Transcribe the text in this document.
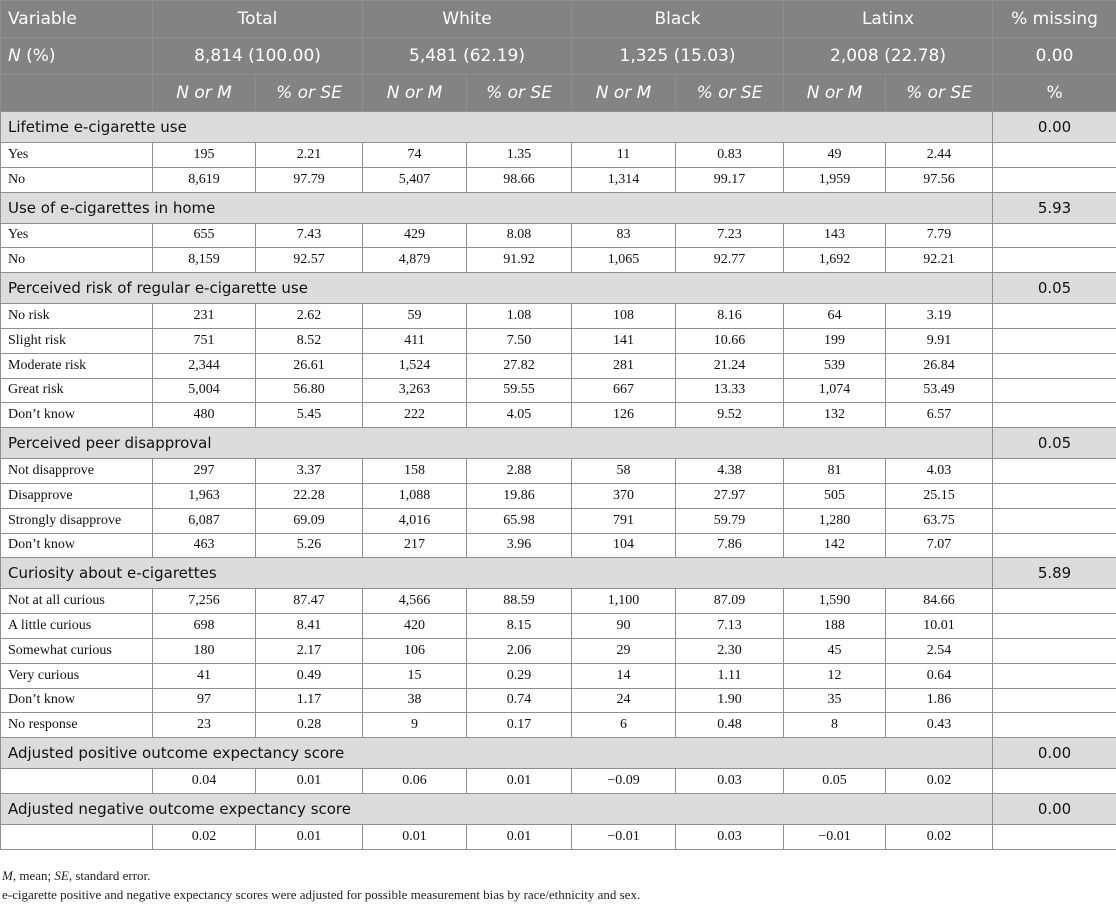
Variable	Total		White		Black		Latinx		% missing
N (%)	8,814 (100.00)		5,481 (62.19)		1,325 (15.03)		2,008 (22.78)		0.00
	N or M	% or SE	N or M	% or SE	N or M	% or SE	N or M	% or SE	%
Lifetime e-cigarette use									0.00
Yes	195	2.21	74	1.35	11	0.83	49	2.44	
No	8,619	97.79	5,407	98.66	1,314	99.17	1,959	97.56	
Use of e-cigarettes in home									5.93
Yes	655	7.43	429	8.08	83	7.23	143	7.79	
No	8,159	92.57	4,879	91.92	1,065	92.77	1,692	92.21	
Perceived risk of regular e-cigarette use									0.05
No risk	231	2.62	59	1.08	108	8.16	64	3.19	
Slight risk	751	8.52	411	7.50	141	10.66	199	9.91	
Moderate risk	2,344	26.61	1,524	27.82	281	21.24	539	26.84	
Great risk	5,004	56.80	3,263	59.55	667	13.33	1,074	53.49	
Don’t know	480	5.45	222	4.05	126	9.52	132	6.57	
Perceived peer disapproval									0.05
Not disapprove	297	3.37	158	2.88	58	4.38	81	4.03	
Disapprove	1,963	22.28	1,088	19.86	370	27.97	505	25.15	
Strongly disapprove	6,087	69.09	4,016	65.98	791	59.79	1,280	63.75	
Don’t know	463	5.26	217	3.96	104	7.86	142	7.07	
Curiosity about e-cigarettes									5.89
Not at all curious	7,256	87.47	4,566	88.59	1,100	87.09	1,590	84.66	
A little curious	698	8.41	420	8.15	90	7.13	188	10.01	
Somewhat curious	180	2.17	106	2.06	29	2.30	45	2.54	
Very curious	41	0.49	15	0.29	14	1.11	12	0.64	
Don’t know	97	1.17	38	0.74	24	1.90	35	1.86	
No response	23	0.28	9	0.17	6	0.48	8	0.43	
Adjusted positive outcome expectancy score									0.00
	0.04	0.01	0.06	0.01	−0.09	0.03	0.05	0.02	
Adjusted negative outcome expectancy score									0.00
	0.02	0.01	0.01	0.01	−0.01	0.03	−0.01	0.02	

M, mean; SE, standard error.

e-cigarette positive and negative expectancy scores were adjusted for possible measurement bias by race/ethnicity and sex.
